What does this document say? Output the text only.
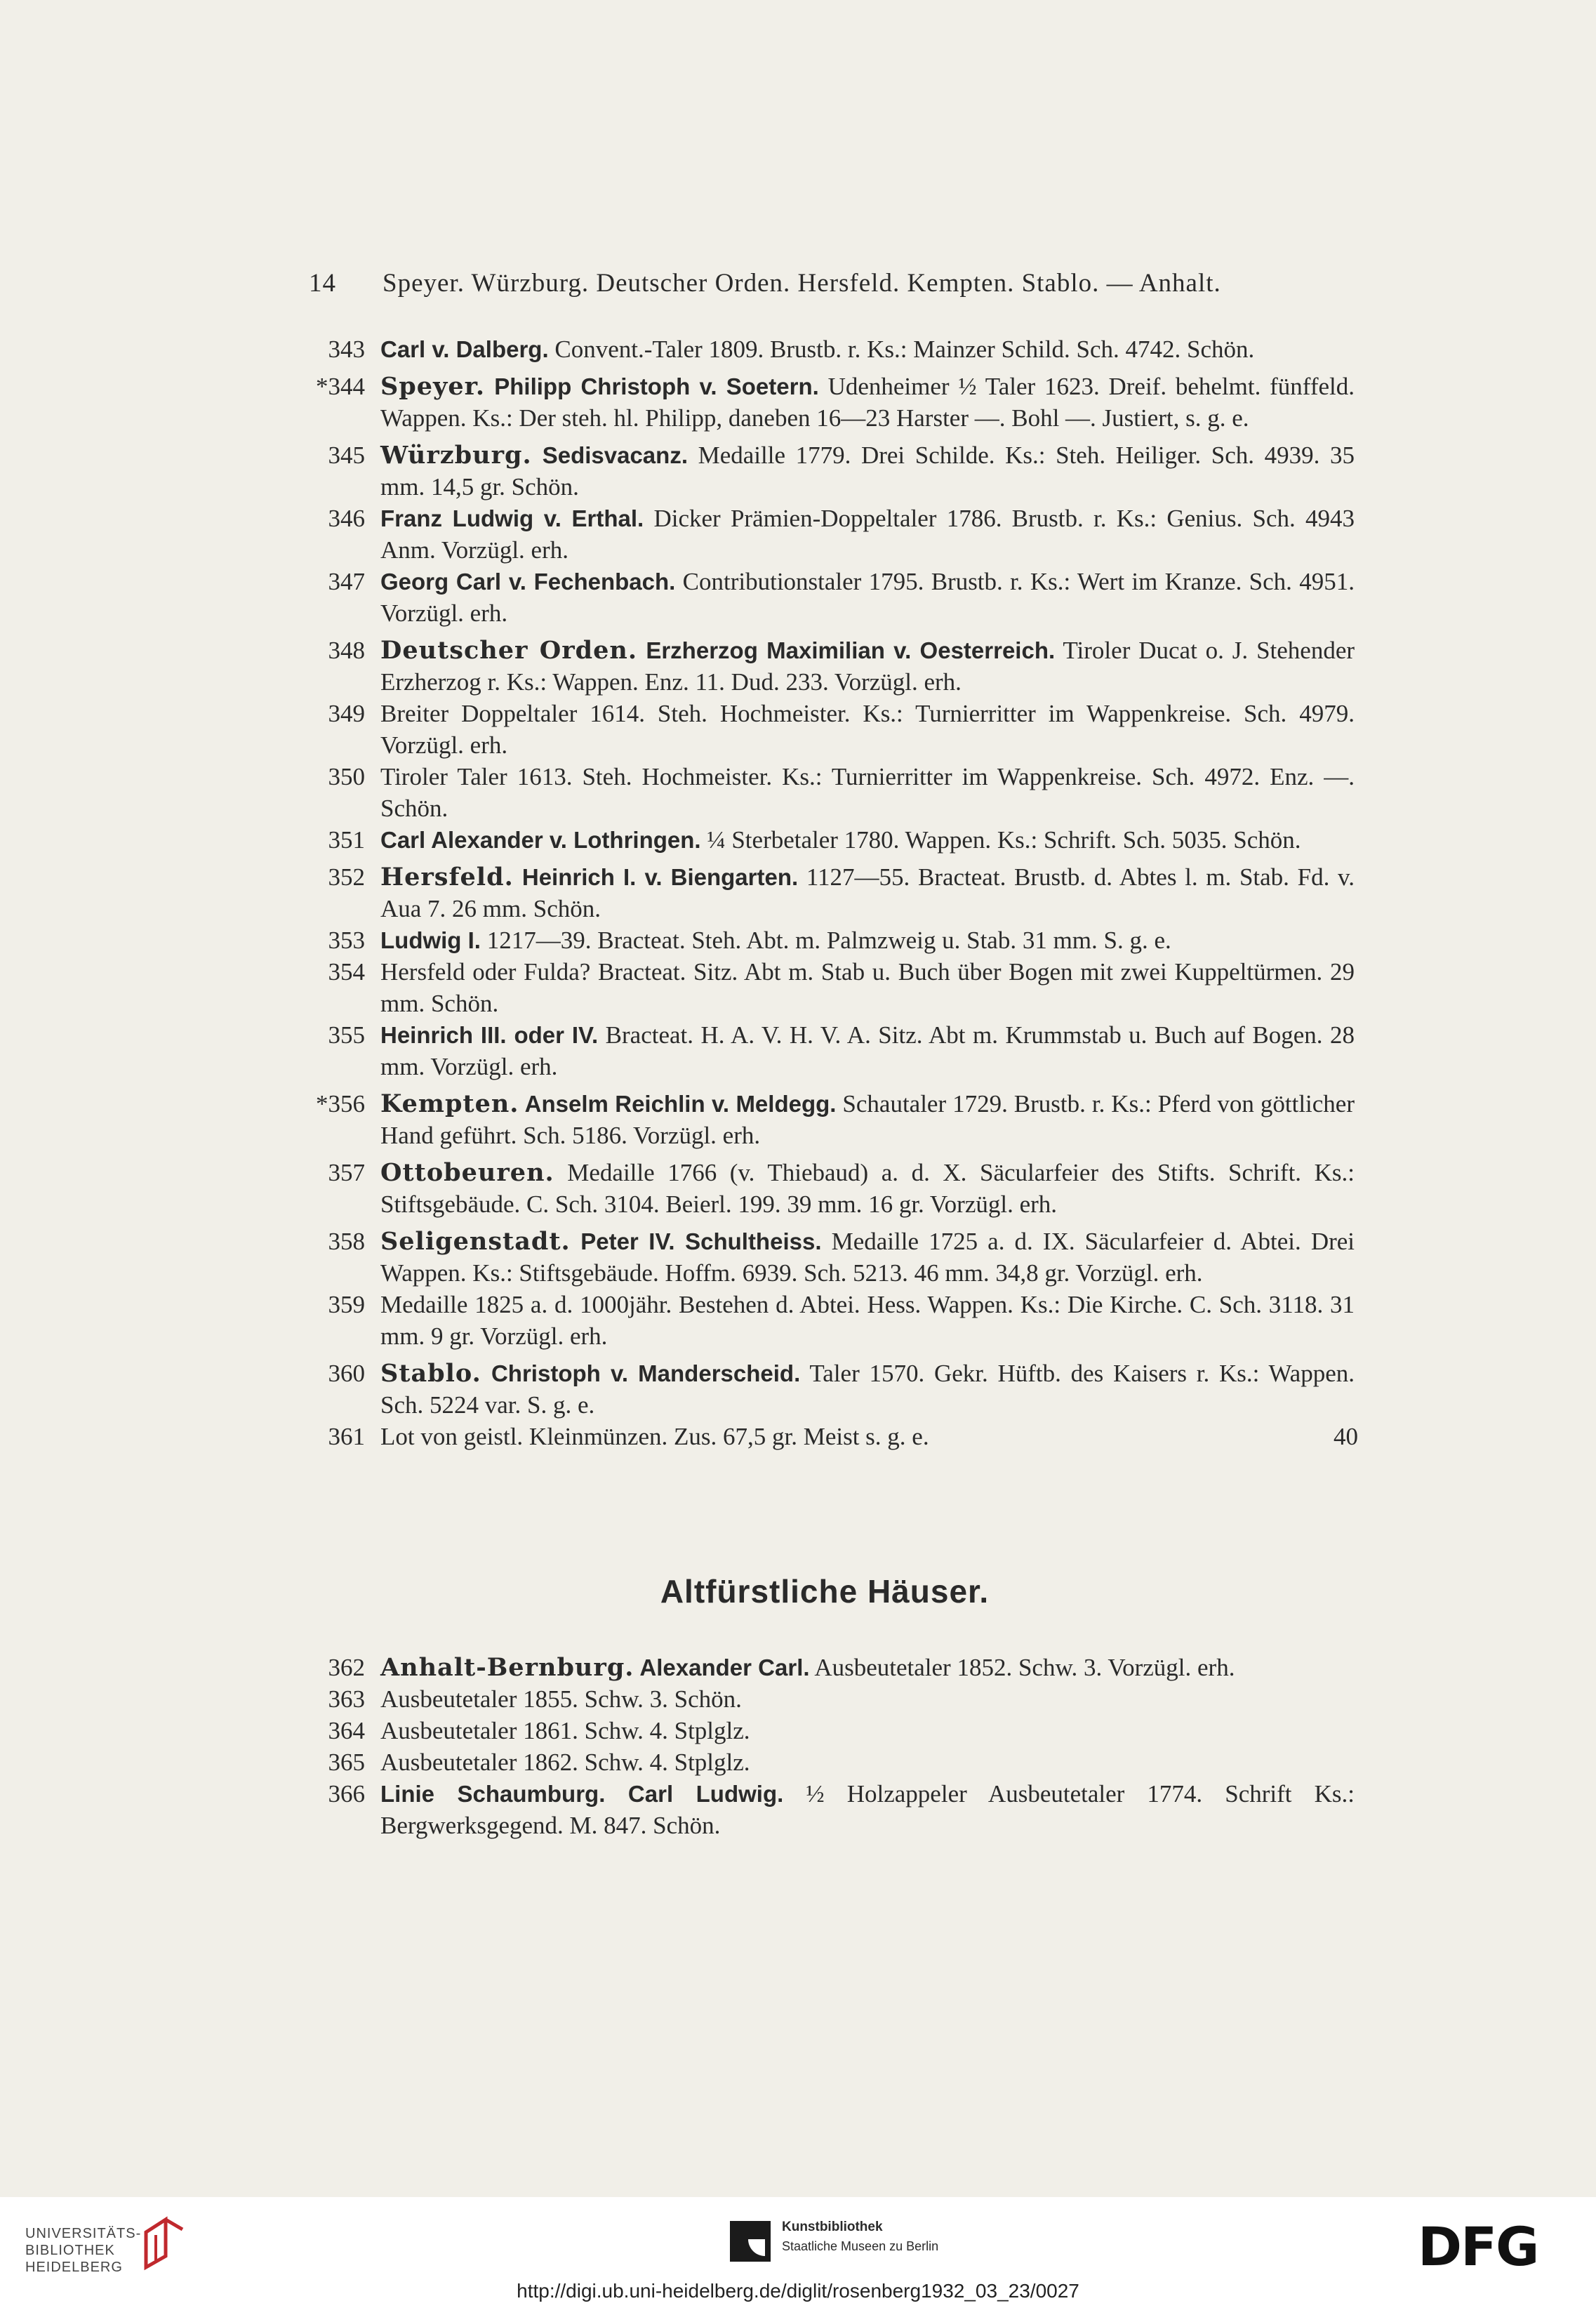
14 Speyer. Würzburg. Deutscher Orden. Hersfeld. Kempten. Stablo. — Anhalt.
343 Carl v. Dalberg. Convent.-Taler 1809. Brustb. r. Ks.: Mainzer Schild. Sch. 4742. Schön.
*344 Speyer. Philipp Christoph v. Soetern. Udenheimer ½ Taler 1623. Dreif. behelmt. fünffeld. Wappen. Ks.: Der steh. hl. Philipp, daneben 16—23 Harster —. Bohl —. Justiert, s. g. e.
345 Würzburg. Sedisvacanz. Medaille 1779. Drei Schilde. Ks.: Steh. Heiliger. Sch. 4939. 35 mm. 14,5 gr. Schön.
346 Franz Ludwig v. Erthal. Dicker Prämien-Doppeltaler 1786. Brustb. r. Ks.: Genius. Sch. 4943 Anm. Vorzügl. erh.
347 Georg Carl v. Fechenbach. Contributionstaler 1795. Brustb. r. Ks.: Wert im Kranze. Sch. 4951. Vorzügl. erh.
348 Deutscher Orden. Erzherzog Maximilian v. Oesterreich. Tiroler Ducat o. J. Stehender Erzherzog r. Ks.: Wappen. Enz. 11. Dud. 233. Vorzügl. erh.
349 Breiter Doppeltaler 1614. Steh. Hochmeister. Ks.: Turnierritter im Wappenkreise. Sch. 4979. Vorzügl. erh.
350 Tiroler Taler 1613. Steh. Hochmeister. Ks.: Turnierritter im Wappenkreise. Sch. 4972. Enz. —. Schön.
351 Carl Alexander v. Lothringen. ¼ Sterbetaler 1780. Wappen. Ks.: Schrift. Sch. 5035. Schön.
352 Hersfeld. Heinrich I. v. Biengarten. 1127—55. Bracteat. Brustb. d. Abtes l. m. Stab. Fd. v. Aua 7. 26 mm. Schön.
353 Ludwig I. 1217—39. Bracteat. Steh. Abt. m. Palmzweig u. Stab. 31 mm. S. g. e.
354 Hersfeld oder Fulda? Bracteat. Sitz. Abt m. Stab u. Buch über Bogen mit zwei Kuppeltürmen. 29 mm. Schön.
355 Heinrich III. oder IV. Bracteat. H. A. V. H. V. A. Sitz. Abt m. Krummstab u. Buch auf Bogen. 28 mm. Vorzügl. erh.
*356 Kempten. Anselm Reichlin v. Meldegg. Schautaler 1729. Brustb. r. Ks.: Pferd von göttlicher Hand geführt. Sch. 5186. Vorzügl. erh.
357 Ottobeuren. Medaille 1766 (v. Thiebaud) a. d. X. Säcularfeier des Stifts. Schrift. Ks.: Stiftsgebäude. C. Sch. 3104. Beierl. 199. 39 mm. 16 gr. Vorzügl. erh.
358 Seligenstadt. Peter IV. Schultheiss. Medaille 1725 a. d. IX. Säcularfeier d. Abtei. Drei Wappen. Ks.: Stiftsgebäude. Hoffm. 6939. Sch. 5213. 46 mm. 34,8 gr. Vorzügl. erh.
359 Medaille 1825 a. d. 1000jähr. Bestehen d. Abtei. Hess. Wappen. Ks.: Die Kirche. C. Sch. 3118. 31 mm. 9 gr. Vorzügl. erh.
360 Stablo. Christoph v. Manderscheid. Taler 1570. Gekr. Hüftb. des Kaisers r. Ks.: Wappen. Sch. 5224 var. S. g. e.
361 Lot von geistl. Kleinmünzen. Zus. 67,5 gr. Meist s. g. e.	40
Altfürstliche Häuser.
362 Anhalt-Bernburg. Alexander Carl. Ausbeutetaler 1852. Schw. 3. Vorzügl. erh.
363 Ausbeutetaler 1855. Schw. 3. Schön.
364 Ausbeutetaler 1861. Schw. 4. Stplglz.
365 Ausbeutetaler 1862. Schw. 4. Stplglz.
366 Linie Schaumburg. Carl Ludwig. ½ Holzappeler Ausbeutetaler 1774. Schrift Ks.: Bergwerksgegend. M. 847. Schön.
UNIVERSITÄTS-
BIBLIOTHEK
HEIDELBERG
Kunstbibliothek
Staatliche Museen zu Berlin	DFG
http://digi.ub.uni-heidelberg.de/diglit/rosenberg1932_03_23/0027
